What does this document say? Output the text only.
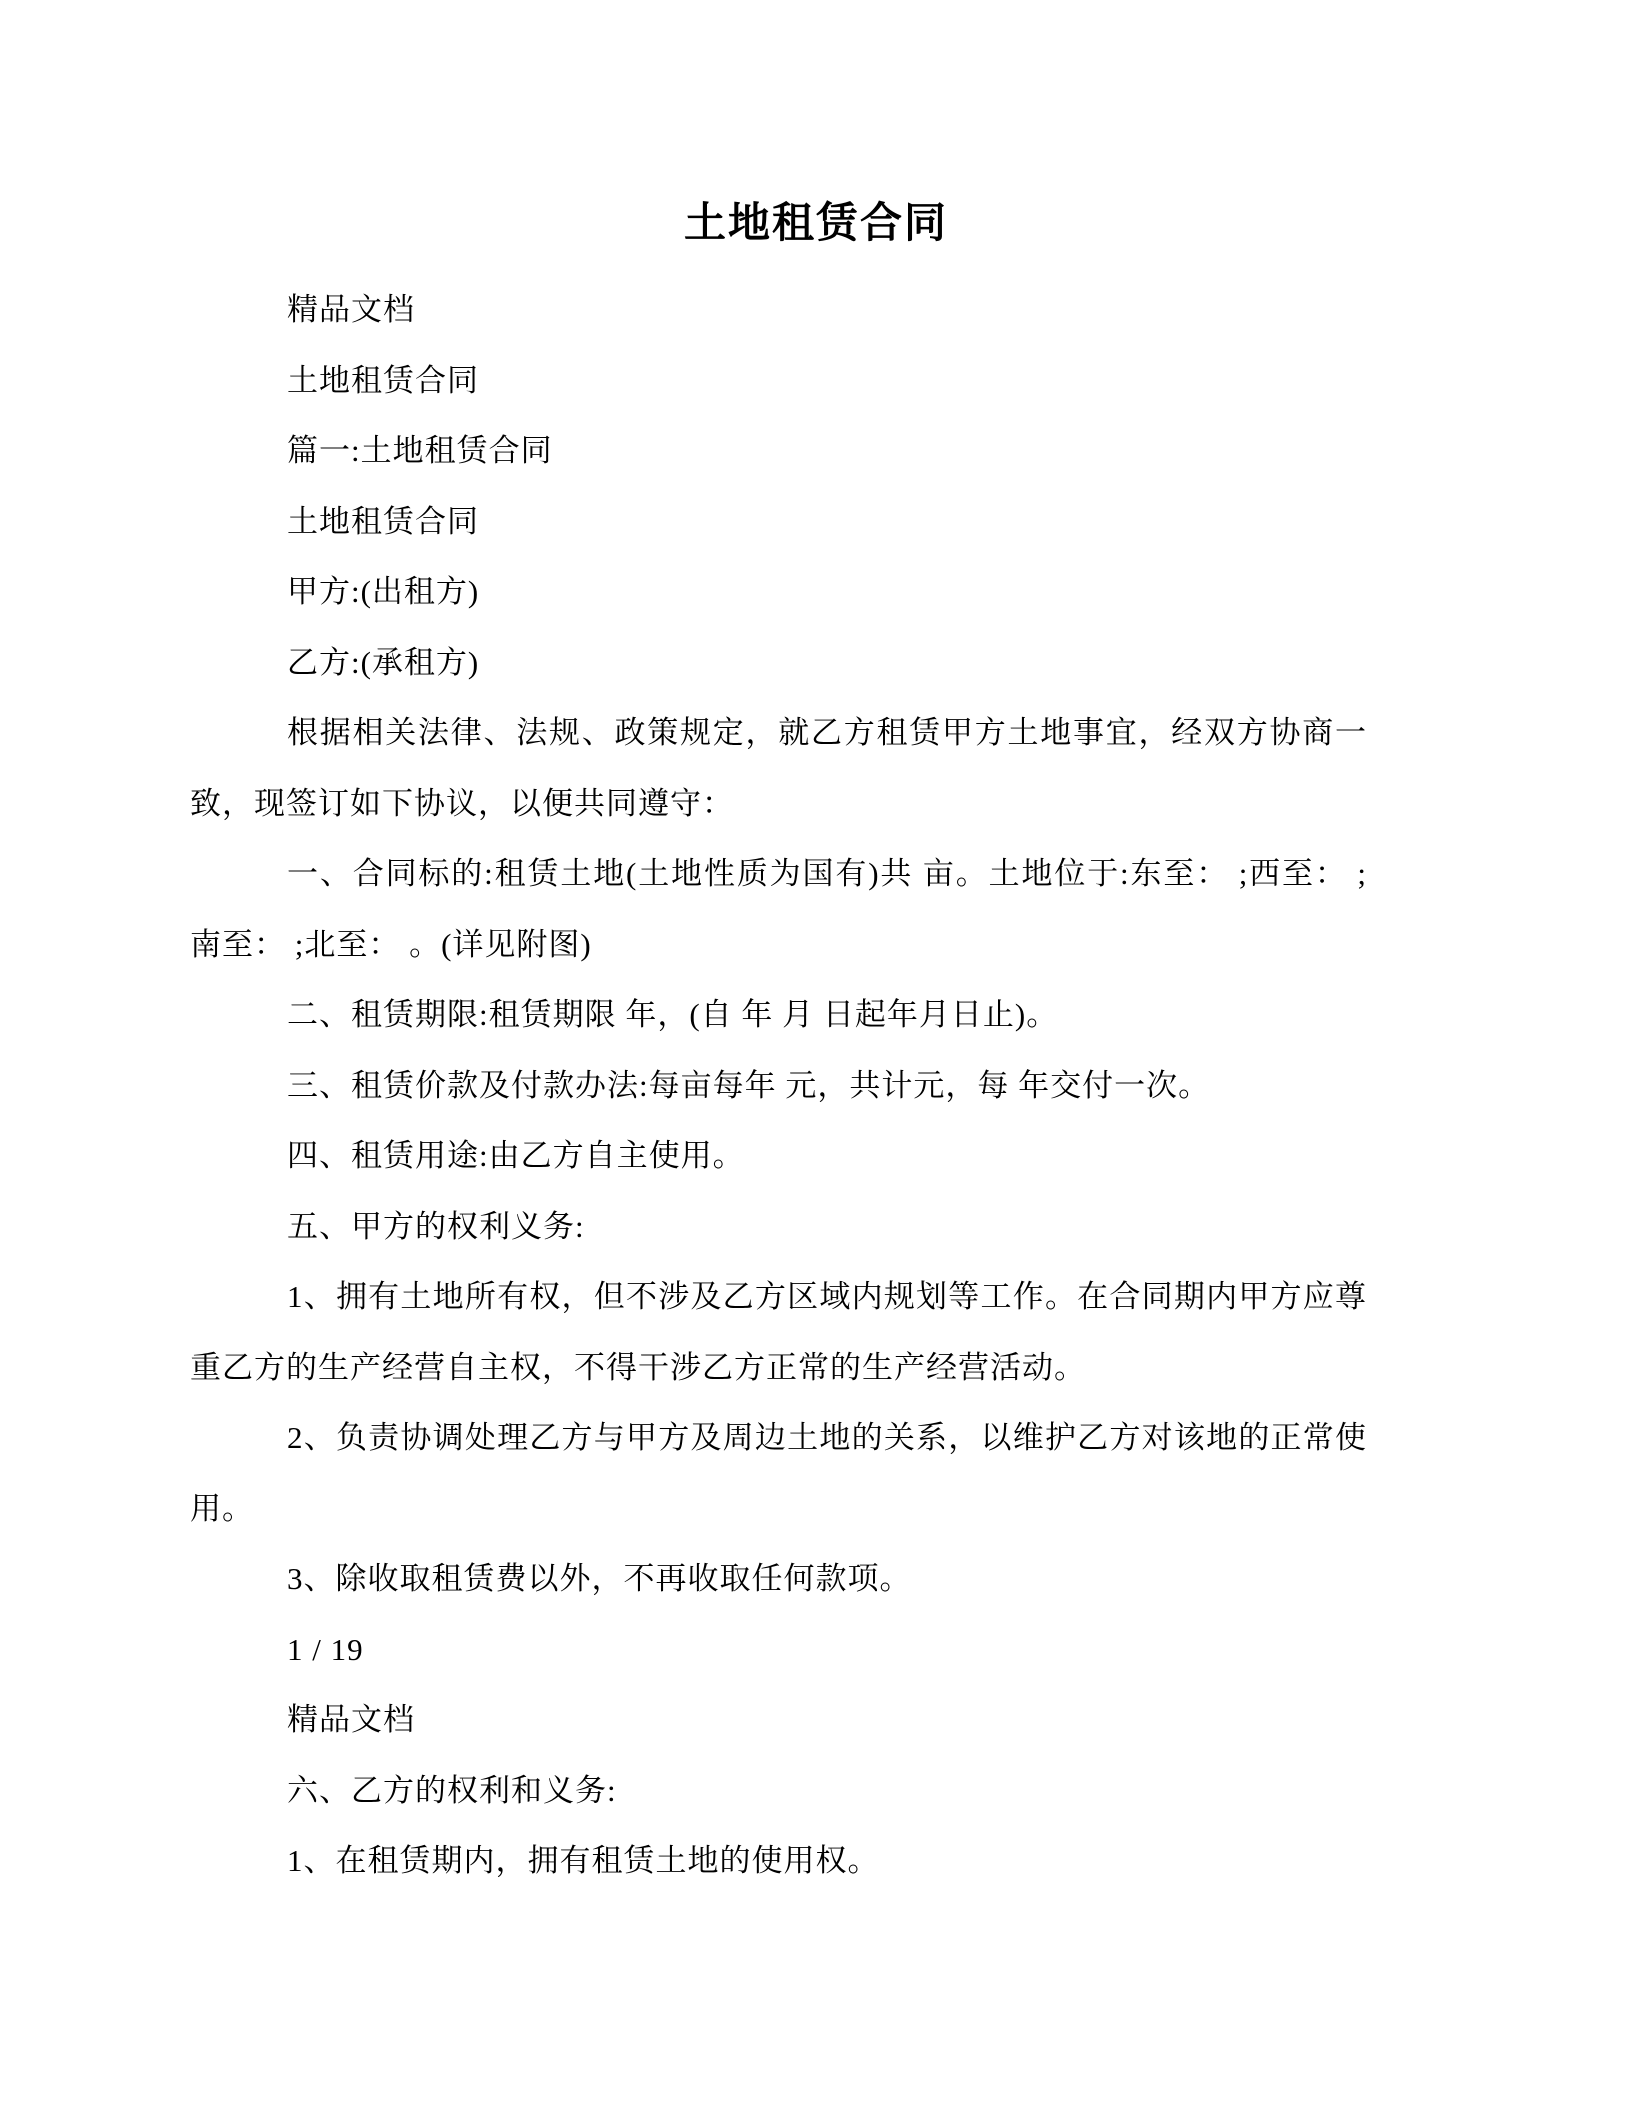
土地租赁合同
精品文档
土地租赁合同
篇一:土地租赁合同
土地租赁合同
甲方:(出租方)
乙方:(承租方)
根据相关法律、法规、政策规定，就乙方租赁甲方土地事宜，经双方协商一
致，现签订如下协议，以便共同遵守：
一、合同标的:租赁土地(土地性质为国有)共 亩。土地位于:东至： ;西至： ;
南至： ;北至： 。(详见附图)
二、租赁期限:租赁期限 年，(自 年 月 日起年月日止)。
三、租赁价款及付款办法:每亩每年 元，共计元，每 年交付一次。
四、租赁用途:由乙方自主使用。
五、甲方的权利义务:
1、拥有土地所有权，但不涉及乙方区域内规划等工作。在合同期内甲方应尊
重乙方的生产经营自主权，不得干涉乙方正常的生产经营活动。
2、负责协调处理乙方与甲方及周边土地的关系，以维护乙方对该地的正常使
用。
3、除收取租赁费以外，不再收取任何款项。
1 / 19
精品文档
六、乙方的权利和义务:
1、在租赁期内，拥有租赁土地的使用权。
